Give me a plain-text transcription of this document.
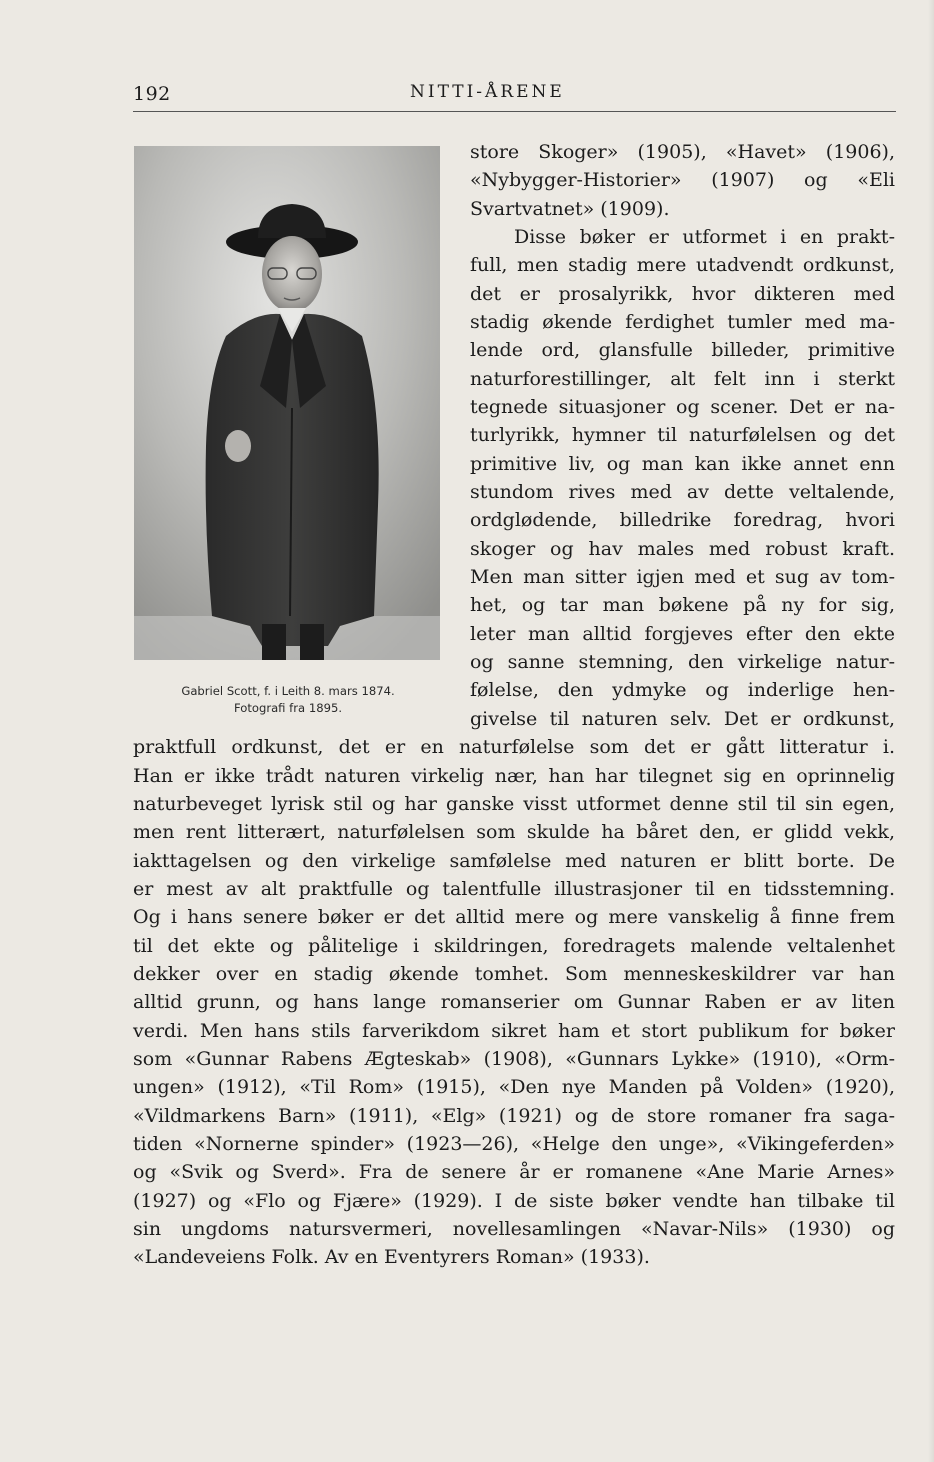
192	NITTI-ÅRENE
Gabriel Scott, f. i Leith 8. mars 1874.
Fotografi fra 1895.
store Skoger» (1905), «Havet» (1906),
«Nybygger-Historier» (1907) og «Eli
Svartvatnet» (1909).
Disse bøker er utformet i en prakt-
full, men stadig mere utadvendt ordkunst,
det er prosalyrikk, hvor dikteren med
stadig økende ferdighet tumler med ma-
lende ord, glansfulle billeder, primitive
naturforestillinger, alt felt inn i sterkt
tegnede situasjoner og scener. Det er na-
turlyrikk, hymner til naturfølelsen og det
primitive liv, og man kan ikke annet enn
stundom rives med av dette veltalende,
ordglødende, billedrike foredrag, hvori
skoger og hav males med robust kraft.
Men man sitter igjen med et sug av tom-
het, og tar man bøkene på ny for sig,
leter man alltid forgjeves efter den ekte
og sanne stemning, den virkelige natur-
følelse, den ydmyke og inderlige hen-
givelse til naturen selv. Det er ordkunst,
praktfull ordkunst, det er en naturfølelse som det er gått litteratur i.
Han er ikke trådt naturen virkelig nær, han har tilegnet sig en oprinnelig
naturbeveget lyrisk stil og har ganske visst utformet denne stil til sin egen,
men rent litterært, naturfølelsen som skulde ha båret den, er glidd vekk,
iakttagelsen og den virkelige samfølelse med naturen er blitt borte. De
er mest av alt praktfulle og talentfulle illustrasjoner til en tidsstemning.
Og i hans senere bøker er det alltid mere og mere vanskelig å finne frem
til det ekte og pålitelige i skildringen, foredragets malende veltalenhet
dekker over en stadig økende tomhet. Som menneskeskildrer var han
alltid grunn, og hans lange romanserier om Gunnar Raben er av liten
verdi. Men hans stils farverikdom sikret ham et stort publikum for bøker
som «Gunnar Rabens Ægteskab» (1908), «Gunnars Lykke» (1910), «Orm-
ungen» (1912), «Til Rom» (1915), «Den nye Manden på Volden» (1920),
«Vildmarkens Barn» (1911), «Elg» (1921) og de store romaner fra saga-
tiden «Nornerne spinder» (1923—26), «Helge den unge», «Vikingeferden»
og «Svik og Sverd». Fra de senere år er romanene «Ane Marie Arnes»
(1927) og «Flo og Fjære» (1929). I de siste bøker vendte han tilbake til
sin ungdoms natursvermeri, novellesamlingen «Navar-Nils» (1930) og
«Landeveiens Folk. Av en Eventyrers Roman» (1933).
